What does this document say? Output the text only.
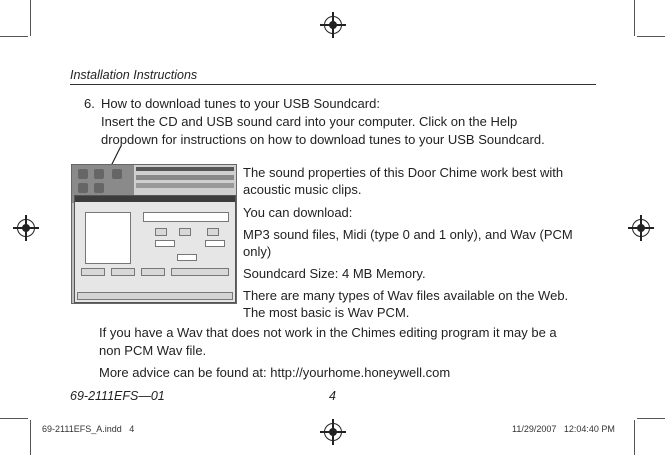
Installation Instructions
6. How to download tunes to your USB Soundcard:
Insert the CD and USB sound card into your computer. Click on the Help
dropdown for instructions on how to download tunes to your USB Soundcard.
The sound properties of this Door Chime work best with
acoustic music clips.
You can download:
MP3 sound files, Midi (type 0 and 1 only), and Wav (PCM
only)
Soundcard Size: 4 MB Memory.
There are many types of Wav files available on the Web.
The most basic is Wav PCM.
If you have a Wav that does not work in the Chimes editing program it may be a
non PCM Wav file.
More advice can be found at: http://yourhome.honeywell.com
69-2111EFS—01	4
69-2111EFS_A.indd   4	11/29/2007   12:04:40 PM
